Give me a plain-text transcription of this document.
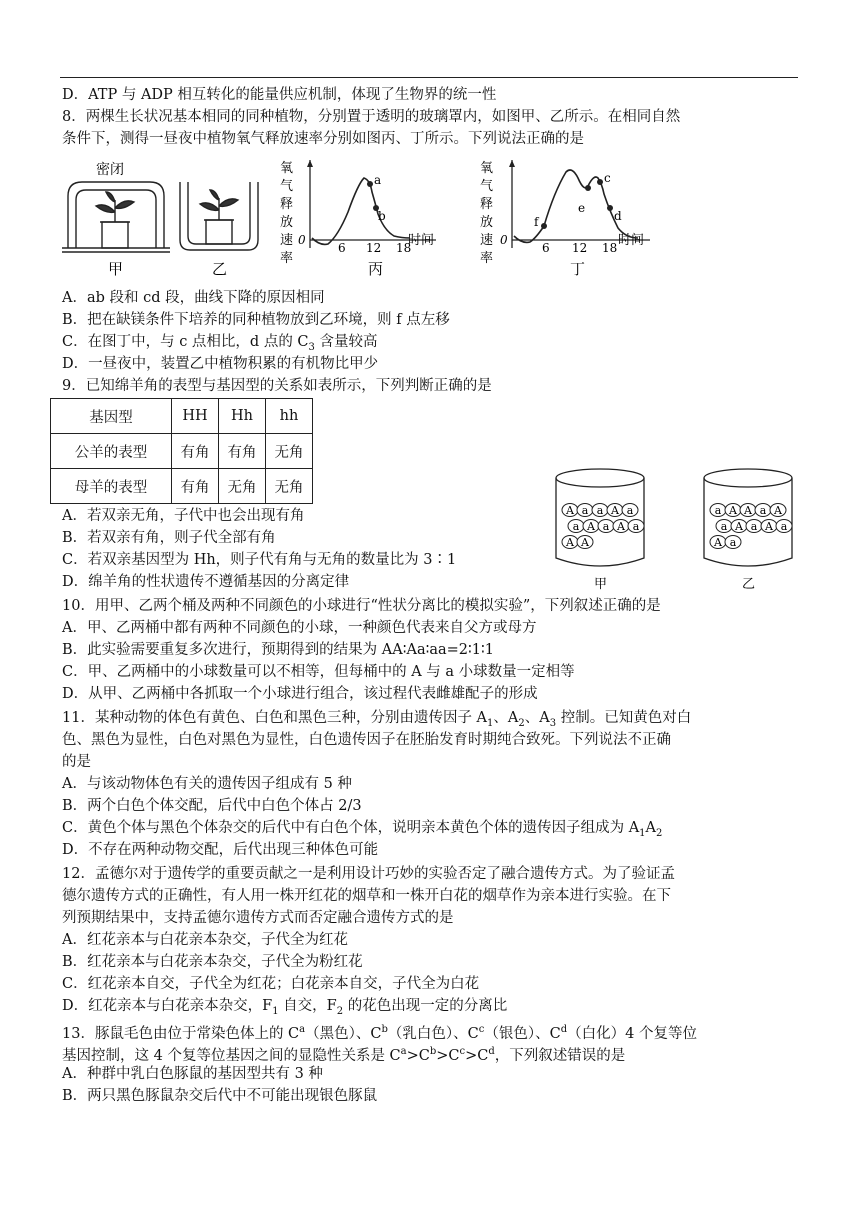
D．ATP 与 ADP 相互转化的能量供应机制，体现了生物界的统一性
8．两棵生长状况基本相同的同种植物，分别置于透明的玻璃罩内，如图甲、乙所示。在相同自然
条件下，测得一昼夜中植物氧气释放速率分别如图丙、丁所示。下列说法正确的是
密闭
甲	乙
氧
气
释
放
速
率
0
6 12 18
时间
a
b
丙
氧
气
释
放
速
率
0
6 12 18 时间
f
e
c
d
丁
A．ab 段和 cd 段，曲线下降的原因相同
B．把在缺镁条件下培养的同种植物放到乙环境，则 f 点左移
C．在图丁中，与 c 点相比，d 点的 $C_3$ 含量较高
D．一昼夜中，装置乙中植物积累的有机物比甲少
9．已知绵羊角的表型与基因型的关系如表所示，下列判断正确的是
基因型	HH	Hh	hh
公羊的表型	有角	有角	无角
母羊的表型	有角	无角	无角
A a a A a
a A a A a
A A
a A A a A
a A a A a
A a
甲	乙
A．若双亲无角，子代中也会出现有角
B．若双亲有角，则子代全部有角
C．若双亲基因型为 Hh，则子代有角与无角的数量比为 3∶1
D．绵羊角的性状遗传不遵循基因的分离定律
10．用甲、乙两个桶及两种不同颜色的小球进行“性状分离比的模拟实验”，下列叙述正确的是
A．甲、乙两桶中都有两种不同颜色的小球，一种颜色代表来自父方或母方
B．此实验需要重复多次进行，预期得到的结果为 AA∶Aa∶aa=2∶1∶1
C．甲、乙两桶中的小球数量可以不相等，但每桶中的 A 与 a 小球数量一定相等
D．从甲、乙两桶中各抓取一个小球进行组合，该过程代表雌雄配子的形成
11．某种动物的体色有黄色、白色和黑色三种，分别由遗传因子 $A_1$、$A_2$、$A_3$ 控制。已知黄色对白
色、黑色为显性，白色对黑色为显性，白色遗传因子在胚胎发育时期纯合致死。下列说法不正确
的是
A．与该动物体色有关的遗传因子组成有 5 种
B．两个白色个体交配，后代中白色个体占 2/3
C．黄色个体与黑色个体杂交的后代中有白色个体，说明亲本黄色个体的遗传因子组成为 $A_1A_2$
D．不存在两种动物交配，后代出现三种体色可能
12．孟德尔对于遗传学的重要贡献之一是利用设计巧妙的实验否定了融合遗传方式。为了验证孟
德尔遗传方式的正确性，有人用一株开红花的烟草和一株开白花的烟草作为亲本进行实验。在下
列预期结果中，支持孟德尔遗传方式而否定融合遗传方式的是
A．红花亲本与白花亲本杂交，子代全为红花
B．红花亲本与白花亲本杂交，子代全为粉红花
C．红花亲本自交，子代全为红花；白花亲本自交，子代全为白花
D．红花亲本与白花亲本杂交，$F_1$ 自交，$F_2$ 的花色出现一定的分离比
13．豚鼠毛色由位于常染色体上的 $C^a$（黑色）、$C^b$（乳白色）、$C^c$（银色）、$C^d$（白化）4 个复等位
基因控制，这 4 个复等位基因之间的显隐性关系是 $C^a>C^b>C^c>C^d$，下列叙述错误的是
A．种群中乳白色豚鼠的基因型共有 3 种
B．两只黑色豚鼠杂交后代中不可能出现银色豚鼠
